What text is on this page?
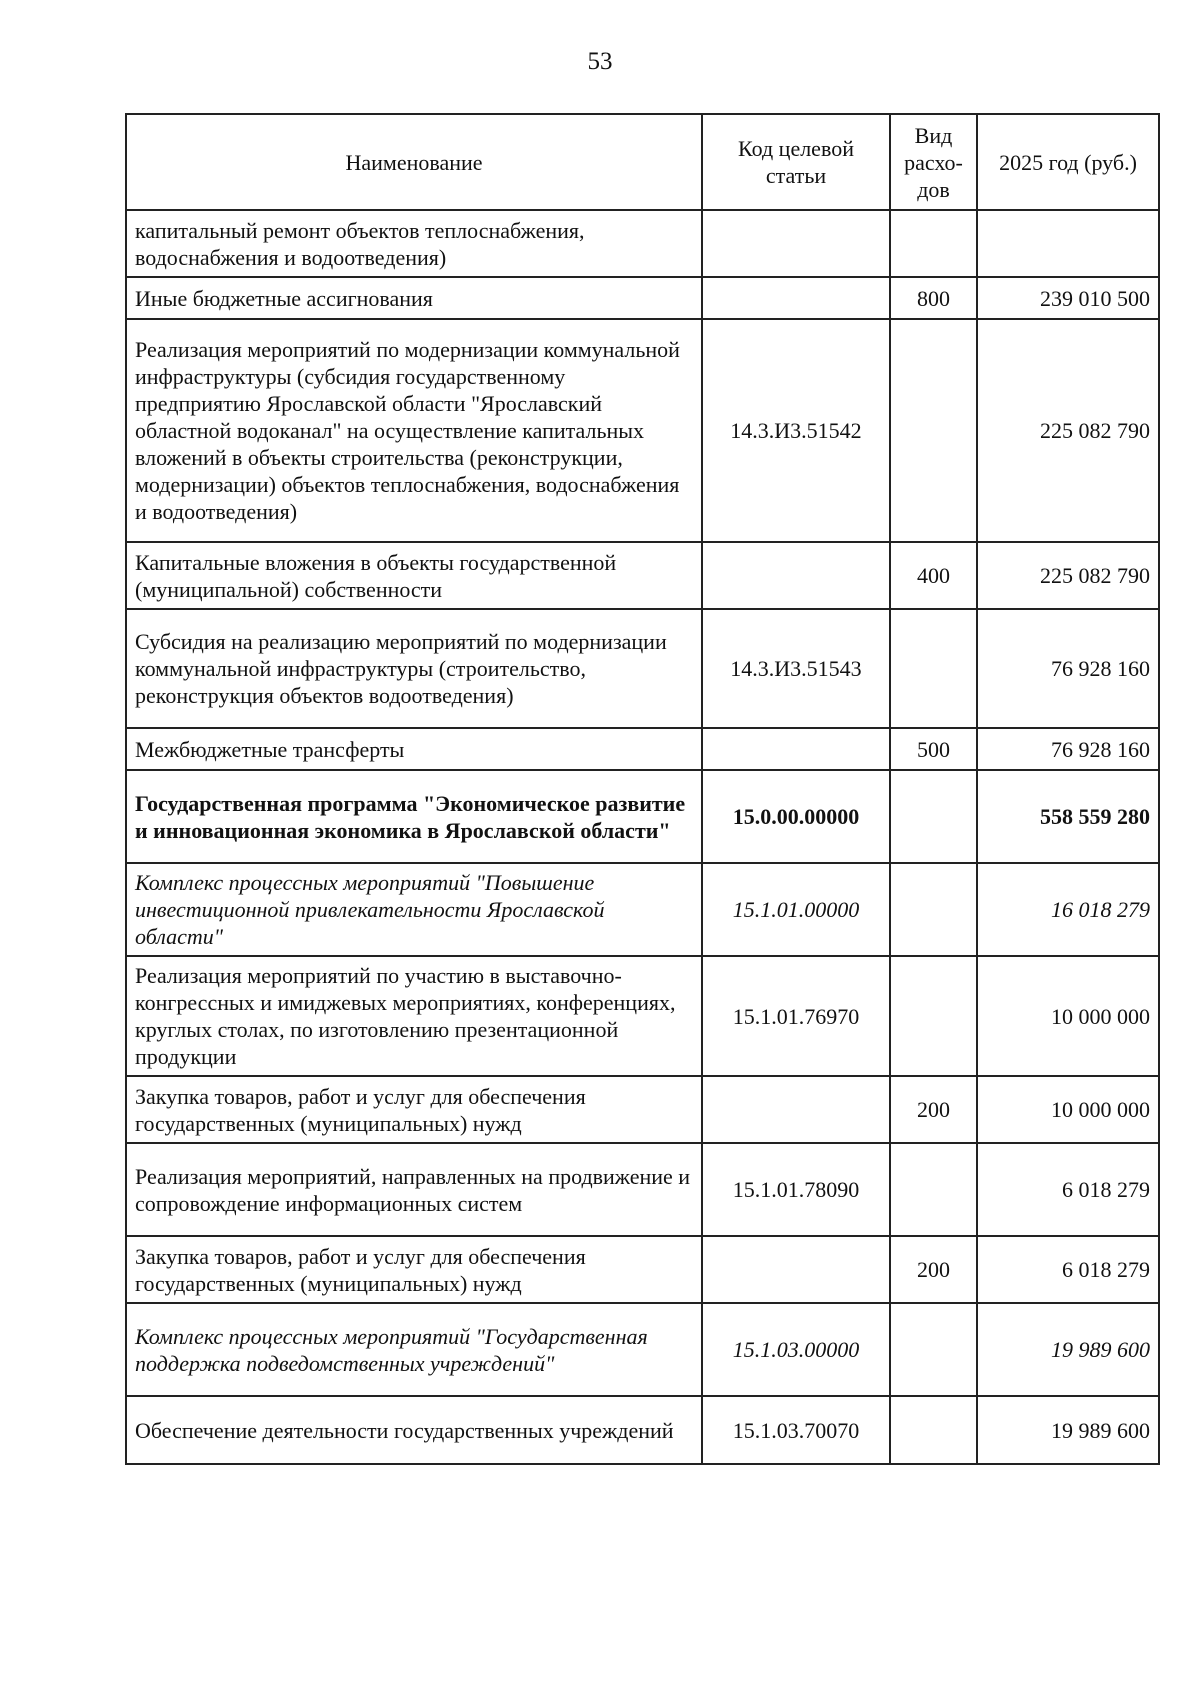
53
Наименование	Код целевой статьи	Вид расхо-дов	2025 год (руб.)
капитальный ремонт объектов теплоснабжения, водоснабжения и водоотведения)			
Иные бюджетные ассигнования		800	239 010 500
Реализация мероприятий по модернизации коммунальной инфраструктуры (субсидия государственному предприятию Ярославской области "Ярославский областной водоканал" на осуществление капитальных вложений в объекты строительства (реконструкции, модернизации) объектов теплоснабжения, водоснабжения и водоотведения)	14.3.И3.51542		225 082 790
Капитальные вложения в объекты государственной (муниципальной) собственности		400	225 082 790
Субсидия на реализацию мероприятий по модернизации коммунальной инфраструктуры (строительство, реконструкция объектов водоотведения)	14.3.И3.51543		76 928 160
Межбюджетные трансферты		500	76 928 160
Государственная программа "Экономическое развитие и инновационная экономика в Ярославской области"	15.0.00.00000		558 559 280
Комплекс процессных мероприятий "Повышение инвестиционной привлекательности Ярославской области"	15.1.01.00000		16 018 279
Реализация мероприятий по участию в выставочно-конгрессных и имиджевых мероприятиях, конференциях, круглых столах, по изготовлению презентационной продукции	15.1.01.76970		10 000 000
Закупка товаров, работ и услуг для обеспечения государственных (муниципальных) нужд		200	10 000 000
Реализация мероприятий, направленных на продвижение и сопровождение информационных систем	15.1.01.78090		6 018 279
Закупка товаров, работ и услуг для обеспечения государственных (муниципальных) нужд		200	6 018 279
Комплекс процессных мероприятий "Государственная поддержка подведомственных учреждений"	15.1.03.00000		19 989 600
Обеспечение деятельности государственных учреждений	15.1.03.70070		19 989 600
